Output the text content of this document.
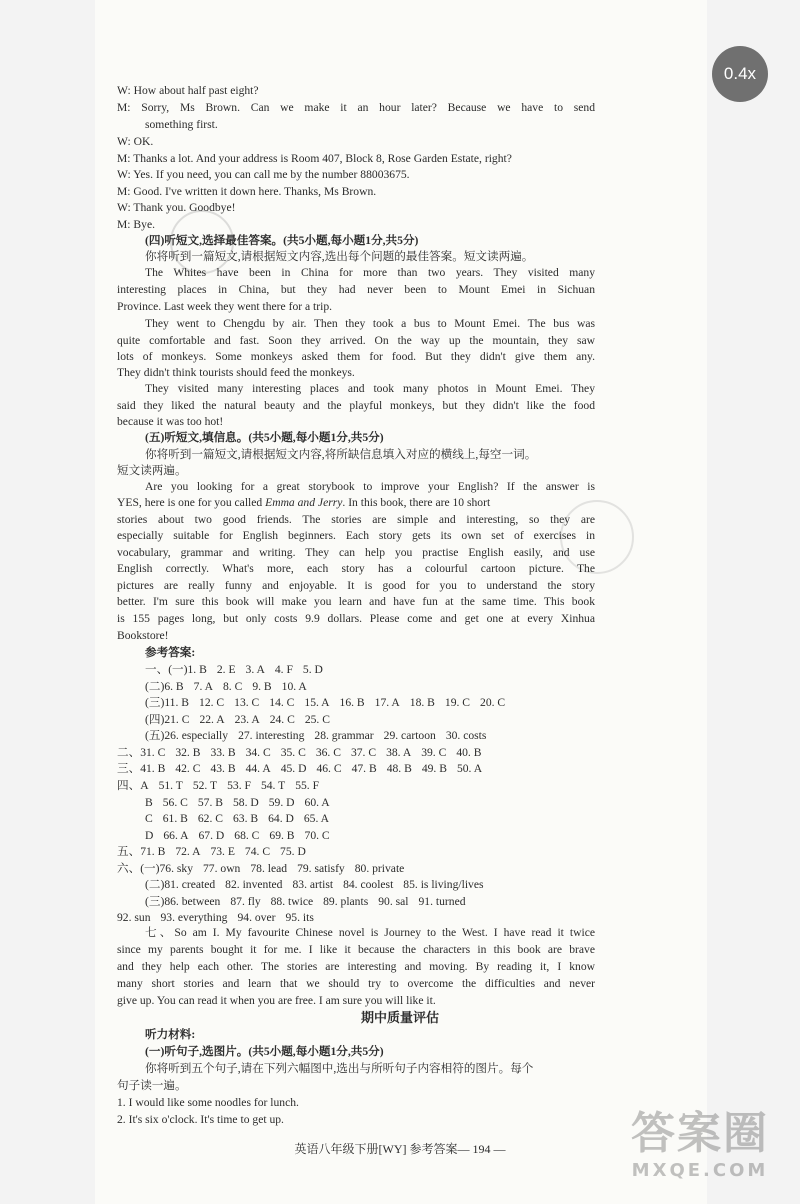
0.4x
W: How about half past eight?
M: Sorry, Ms Brown. Can we make it an hour later? Because we have to send
something first.
W: OK.
M: Thanks a lot. And your address is Room 407, Block 8, Rose Garden Estate, right?
W: Yes. If you need, you can call me by the number 88003675.
M: Good. I've written it down here. Thanks, Ms Brown.
W: Thank you. Goodbye!
M: Bye.
(四)听短文,选择最佳答案。(共5小题,每小题1分,共5分)
你将听到一篇短文,请根据短文内容,选出每个问题的最佳答案。短文读两遍。
The Whites have been in China for more than two years. They visited many
interesting places in China, but they had never been to Mount Emei in Sichuan
Province. Last week they went there for a trip.
They went to Chengdu by air. Then they took a bus to Mount Emei. The bus was
quite comfortable and fast. Soon they arrived. On the way up the mountain, they saw
lots of monkeys. Some monkeys asked them for food. But they didn't give them any.
They didn't think tourists should feed the monkeys.
They visited many interesting places and took many photos in Mount Emei. They
said they liked the natural beauty and the playful monkeys, but they didn't like the food
because it was too hot!
(五)听短文,填信息。(共5小题,每小题1分,共5分)
你将听到一篇短文,请根据短文内容,将所缺信息填入对应的横线上,每空一词。
短文读两遍。
Are you looking for a great storybook to improve your English? If the answer is
YES, here is one for you called Emma and Jerry. In this book, there are 10 short
stories about two good friends. The stories are simple and interesting, so they are
especially suitable for English beginners. Each story gets its own set of exercises in
vocabulary, grammar and writing. They can help you practise English easily, and use
English correctly. What's more, each story has a colourful cartoon picture. The
pictures are really funny and enjoyable. It is good for you to understand the story
better. I'm sure this book will make you learn and have fun at the same time. This book
is 155 pages long, but only costs 9.9 dollars. Please come and get one at every Xinhua
Bookstore!
参考答案:
一、(一)1. B 2. E 3. A 4. F 5. D
(二)6. B 7. A 8. C 9. B 10. A
(三)11. B 12. C 13. C 14. C 15. A 16. B 17. A 18. B 19. C 20. C
(四)21. C 22. A 23. A 24. C 25. C
(五)26. especially 27. interesting 28. grammar 29. cartoon 30. costs
二、31. C 32. B 33. B 34. C 35. C 36. C 37. C 38. A 39. C 40. B
三、41. B 42. C 43. B 44. A 45. D 46. C 47. B 48. B 49. B 50. A
四、A 51. T 52. T 53. F 54. T 55. F
B 56. C 57. B 58. D 59. D 60. A
C 61. B 62. C 63. B 64. D 65. A
D 66. A 67. D 68. C 69. B 70. C
五、71. B 72. A 73. E 74. C 75. D
六、(一)76. sky 77. own 78. lead 79. satisfy 80. private
(二)81. created 82. invented 83. artist 84. coolest 85. is living/lives
(三)86. between 87. fly 88. twice 89. plants 90. sal 91. turned
92. sun 93. everything 94. over 95. its
七、So am I. My favourite Chinese novel is Journey to the West. I have read it twice
since my parents bought it for me. I like it because the characters in this book are brave
and they help each other. The stories are interesting and moving. By reading it, I know
many short stories and learn that we should try to overcome the difficulties and never
give up. You can read it when you are free. I am sure you will like it.
期中质量评估
听力材料:
(一)听句子,选图片。(共5小题,每小题1分,共5分)
你将听到五个句子,请在下列六幅图中,选出与所听句子内容相符的图片。每个
句子读一遍。
1. I would like some noodles for lunch.
2. It's six o'clock. It's time to get up.
英语八年级下册[WY] 参考答案— 194 —	答案圈
MXQE.COM
